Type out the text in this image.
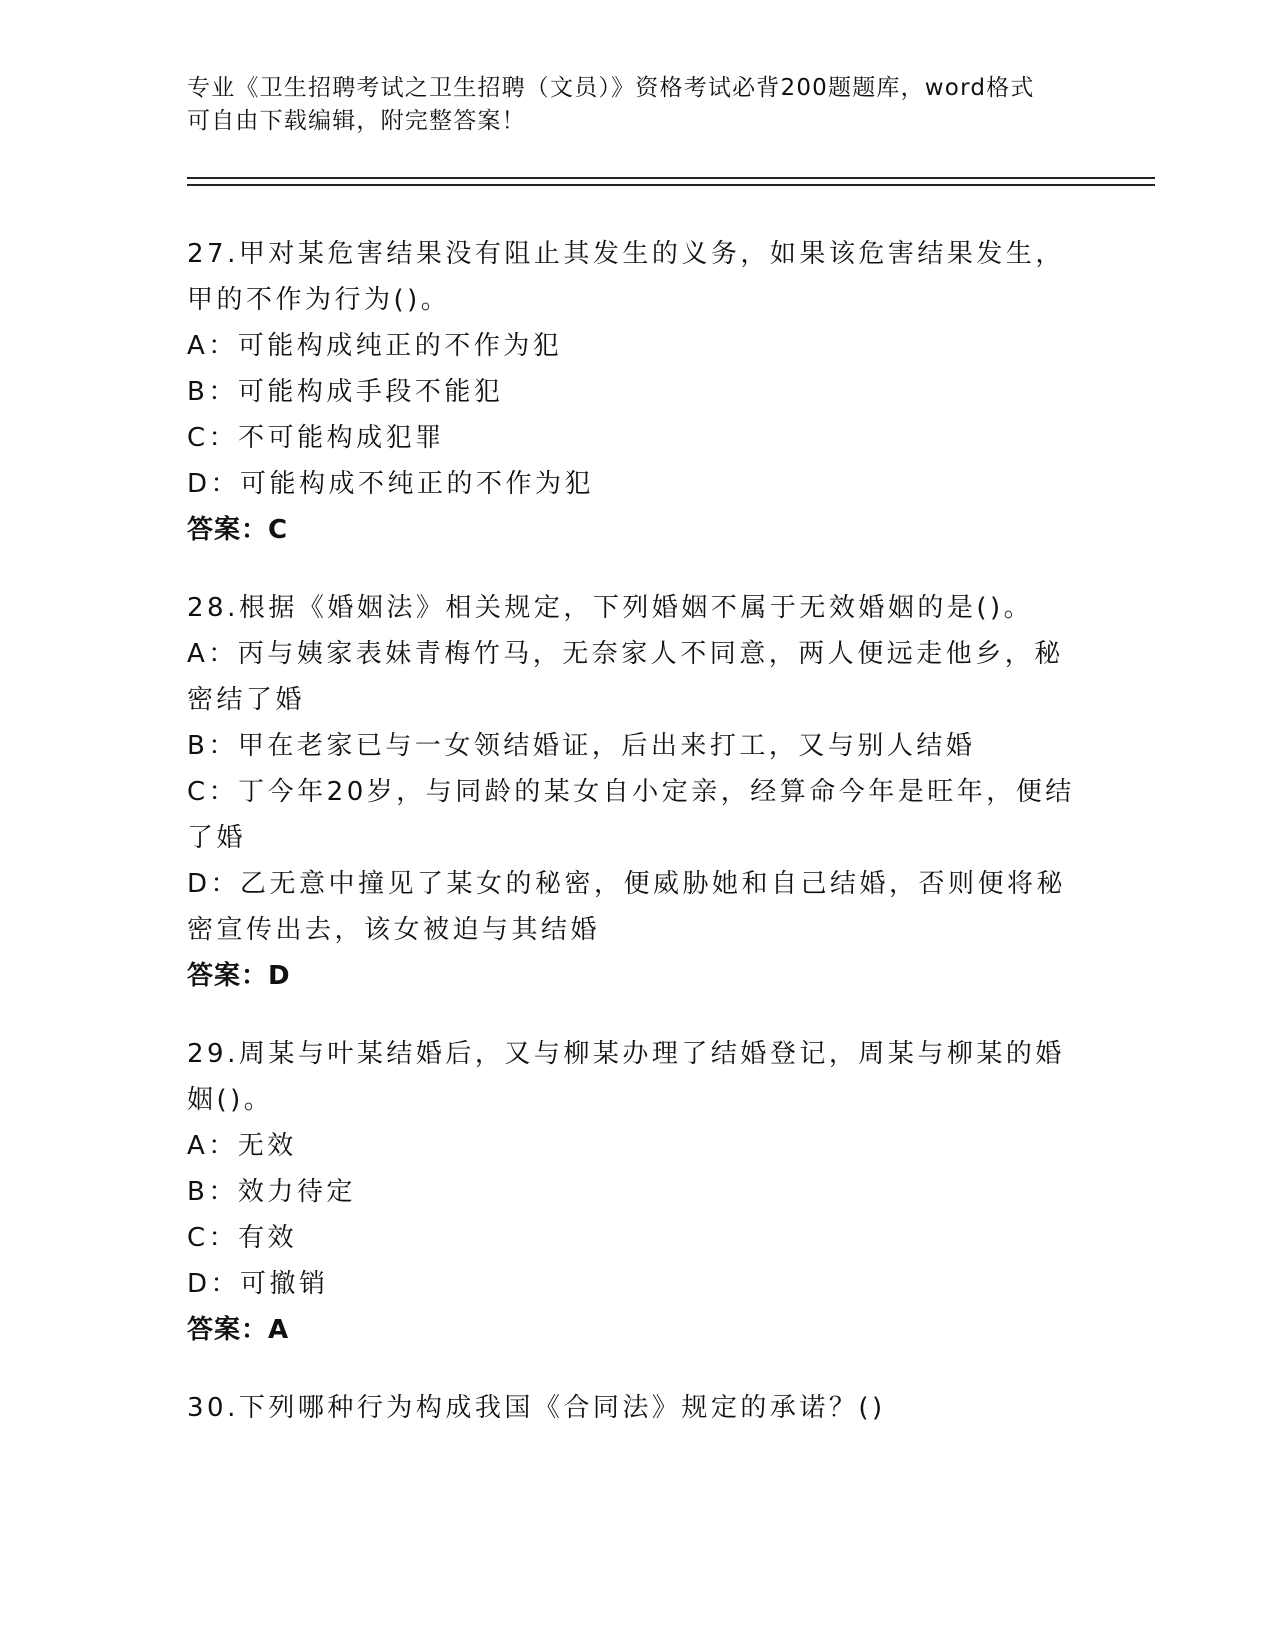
专业《卫生招聘考试之卫生招聘（文员）》资格考试必背200题题库，word格式
可自由下载编辑，附完整答案！
27.甲对某危害结果没有阻止其发生的义务，如果该危害结果发生，甲的不作为行为()。
A：可能构成纯正的不作为犯
B：可能构成手段不能犯
C：不可能构成犯罪
D：可能构成不纯正的不作为犯
答案：C
28.根据《婚姻法》相关规定，下列婚姻不属于无效婚姻的是()。
A：丙与姨家表妹青梅竹马，无奈家人不同意，两人便远走他乡，秘密结了婚
B：甲在老家已与一女领结婚证，后出来打工，又与别人结婚
C：丁今年20岁，与同龄的某女自小定亲，经算命今年是旺年，便结了婚
D：乙无意中撞见了某女的秘密，便威胁她和自己结婚，否则便将秘密宣传出去，该女被迫与其结婚
答案：D
29.周某与叶某结婚后，又与柳某办理了结婚登记，周某与柳某的婚姻()。
A：无效
B：效力待定
C：有效
D：可撤销
答案：A
30.下列哪种行为构成我国《合同法》规定的承诺？()
